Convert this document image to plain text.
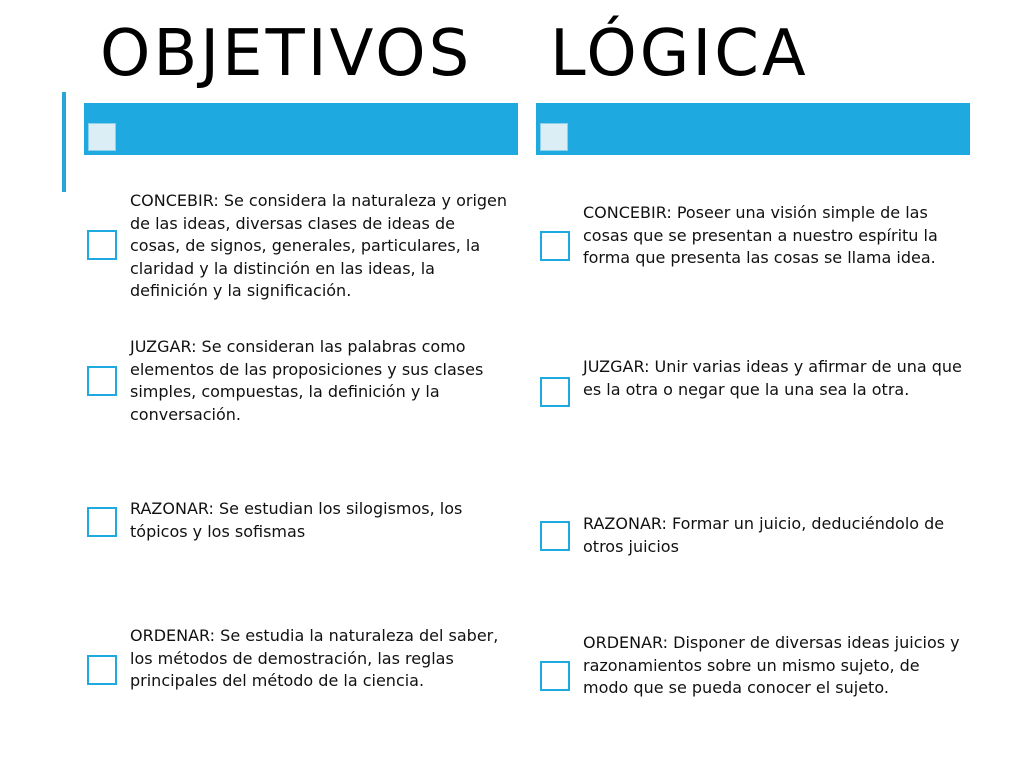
OBJETIVOS LÓGICA

CONCEBIR: Se considera la naturaleza y origen de las ideas, diversas clases de ideas de cosas, de signos, generales, particulares, la claridad y la distinción en las ideas, la definición y la significación.

JUZGAR: Se consideran las palabras como elementos de las proposiciones y sus clases simples, compuestas, la definición y la conversación.

RAZONAR: Se estudian los silogismos, los tópicos y los sofismas

ORDENAR: Se estudia la naturaleza del saber, los métodos de demostración, las reglas principales del método de la ciencia.

CONCEBIR: Poseer una visión simple de las cosas que se presentan a nuestro espíritu la forma que presenta las cosas se llama idea.

JUZGAR: Unir varias ideas y afirmar de una que es la otra o negar que la una sea la otra.

RAZONAR: Formar un juicio, deduciéndolo de otros juicios

ORDENAR: Disponer de diversas ideas juicios y razonamientos sobre un mismo sujeto, de modo que se pueda conocer el sujeto.
